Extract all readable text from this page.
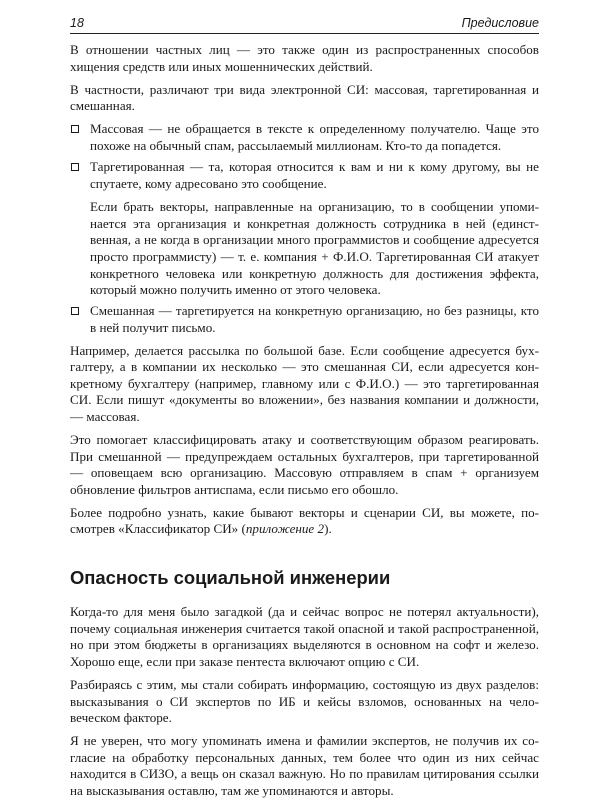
18	Предисловие

В отношении частных лиц — это также один из распространенных способов хищения средств или иных мошеннических действий.

В частности, различают три вида электронной СИ: массовая, таргетированная и смешанная.

Массовая — не обращается в тексте к определенному получателю. Чаще это похоже на обычный спам, рассылаемый миллионам. Кто-то да попадется.
Таргетированная — та, которая относится к вам и ни к кому другому, вы не спутаете, кому адресовано это сообщение.
Если брать векторы, направленные на организацию, то в сообщении упоминается эта организация и конкретная должность сотрудника в ней (единственная, а не когда в организации много программистов и сообщение адресуется просто программисту) — т. е. компания + Ф.И.О. Таргетированная СИ атакует конкретного человека или конкретную должность для достижения эффекта, который можно получить именно от этого человека.
Смешанная — таргетируется на конкретную организацию, но без разницы, кто в ней получит письмо.

Например, делается рассылка по большой базе. Если сообщение адресуется бухгалтеру, а в компании их несколько — это смешанная СИ, если адресуется конкретному бухгалтеру (например, главному или с Ф.И.О.) — это таргетированная СИ. Если пишут «документы во вложении», без названия компании и должности, — массовая.

Это помогает классифицировать атаку и соответствующим образом реагировать. При смешанной — предупреждаем остальных бухгалтеров, при таргетированной — оповещаем всю организацию. Массовую отправляем в спам + организуем обновление фильтров антиспама, если письмо его обошло.

Более подробно узнать, какие бывают векторы и сценарии СИ, вы можете, посмотрев «Классификатор СИ» (приложение 2).

Опасность социальной инженерии

Когда-то для меня было загадкой (да и сейчас вопрос не потерял актуальности), почему социальная инженерия считается такой опасной и такой распространенной, но при этом бюджеты в организациях выделяются в основном на софт и железо. Хорошо еще, если при заказе пентеста включают опцию с СИ.

Разбираясь с этим, мы стали собирать информацию, состоящую из двух разделов: высказывания о СИ экспертов по ИБ и кейсы взломов, основанных на человеческом факторе.

Я не уверен, что могу упоминать имена и фамилии экспертов, не получив их согласие на обработку персональных данных, тем более что один из них сейчас находится в СИЗО, а вещь он сказал важную. Но по правилам цитирования ссылки на высказывания оставлю, там же упоминаются и авторы.
